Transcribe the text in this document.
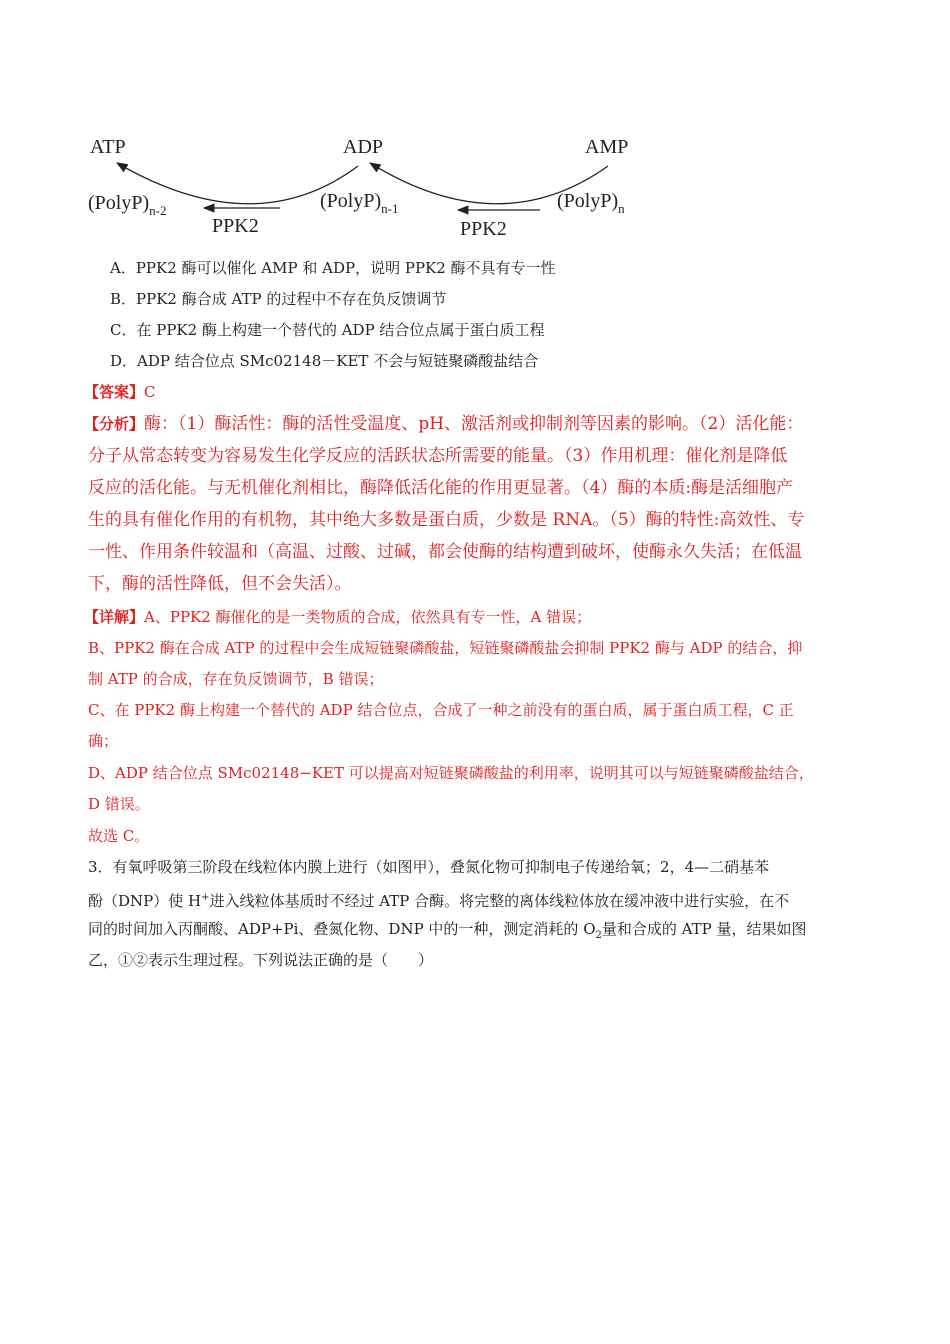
ATP	ADP	AMP
$(PolyP)_{n-2}$	$(PolyP)_{n-1}$	$(PolyP)_n$
PPK2	PPK2
A．PPK2 酶可以催化 AMP 和 ADP，说明 PPK2 酶不具有专一性
B．PPK2 酶合成 ATP 的过程中不存在负反馈调节
C．在 PPK2 酶上构建一个替代的 ADP 结合位点属于蛋白质工程
D．ADP 结合位点 SMc02148－KET 不会与短链聚磷酸盐结合
【答案】C
【分析】酶：（1）酶活性：酶的活性受温度、pH、激活剂或抑制剂等因素的影响。（2）活化能：
分子从常态转变为容易发生化学反应的活跃状态所需要的能量。（3）作用机理：催化剂是降低
反应的活化能。与无机催化剂相比，酶降低活化能的作用更显著。（4）酶的本质:酶是活细胞产
生的具有催化作用的有机物，其中绝大多数是蛋白质，少数是 RNA。（5）酶的特性:高效性、专
一性、作用条件较温和（高温、过酸、过碱，都会使酶的结构遭到破坏，使酶永久失活；在低温
下，酶的活性降低，但不会失活）。
【详解】A、PPK2 酶催化的是一类物质的合成，依然具有专一性，A 错误；
B、PPK2 酶在合成 ATP 的过程中会生成短链聚磷酸盐，短链聚磷酸盐会抑制 PPK2 酶与 ADP 的结合，抑
制 ATP 的合成，存在负反馈调节，B 错误；
C、在 PPK2 酶上构建一个替代的 ADP 结合位点，合成了一种之前没有的蛋白质，属于蛋白质工程，C 正
确；
D、ADP 结合位点 SMc02148−KET 可以提高对短链聚磷酸盐的利用率，说明其可以与短链聚磷酸盐结合，
D 错误。
故选 C。
3．有氧呼吸第三阶段在线粒体内膜上进行（如图甲），叠氮化物可抑制电子传递给氧；2，4—二硝基苯
酚（DNP）使 H+进入线粒体基质时不经过 ATP 合酶。将完整的离体线粒体放在缓冲液中进行实验，在不
同的时间加入丙酮酸、ADP+Pi、叠氮化物、DNP 中的一种，测定消耗的 $O_2$量和合成的 ATP 量，结果如图
乙，①②表示生理过程。下列说法正确的是（　　）
